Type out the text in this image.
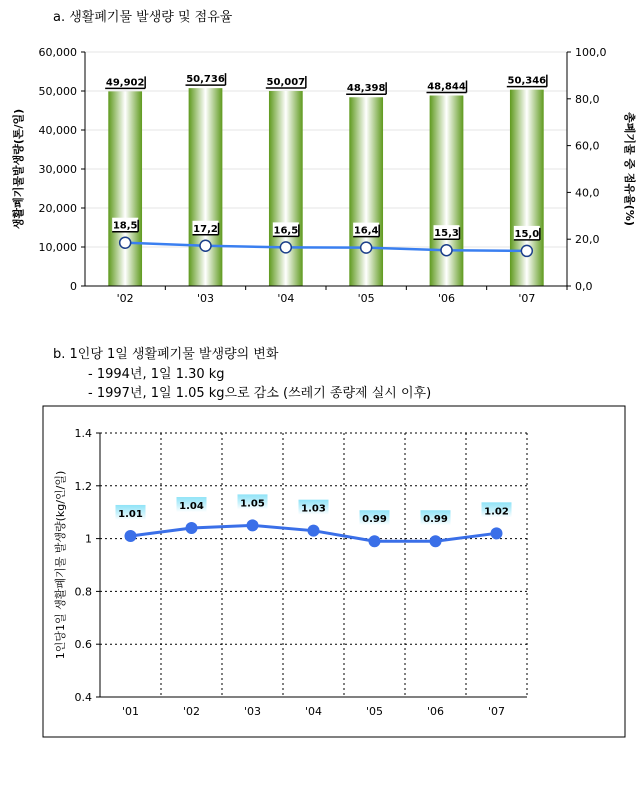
a. 생활폐기물 발생량 및 점유율
b. 1인당 1일 생활폐기물 발생량의 변화
- 1994년, 1일 1.30 kg
- 1997년, 1일 1.05 kg으로 감소 (쓰레기 종량제 실시 이후)
0
10,000
20,000
30,000
40,000
50,000
60,000
0,0
20,0
40,0
60,0
80,0
100,0
생활폐기물발생량(톤/일)	총폐기물 중 점유율(%)
'02	'03	'04	'05	'06	'07
49,902	50,736	50,007
48,398	48,844
50,346
18,5	17,2	16,5	16,4	15,3	15,0
0.4
0.6
0.8
1
1.2
1.4
1인당1일 생활폐기물 발생량(kg/인/일)
'01	'02	'03	'04	'05	'06	'07
1.01
1.04	1.05	1.03
0.99	0.99
1.02
